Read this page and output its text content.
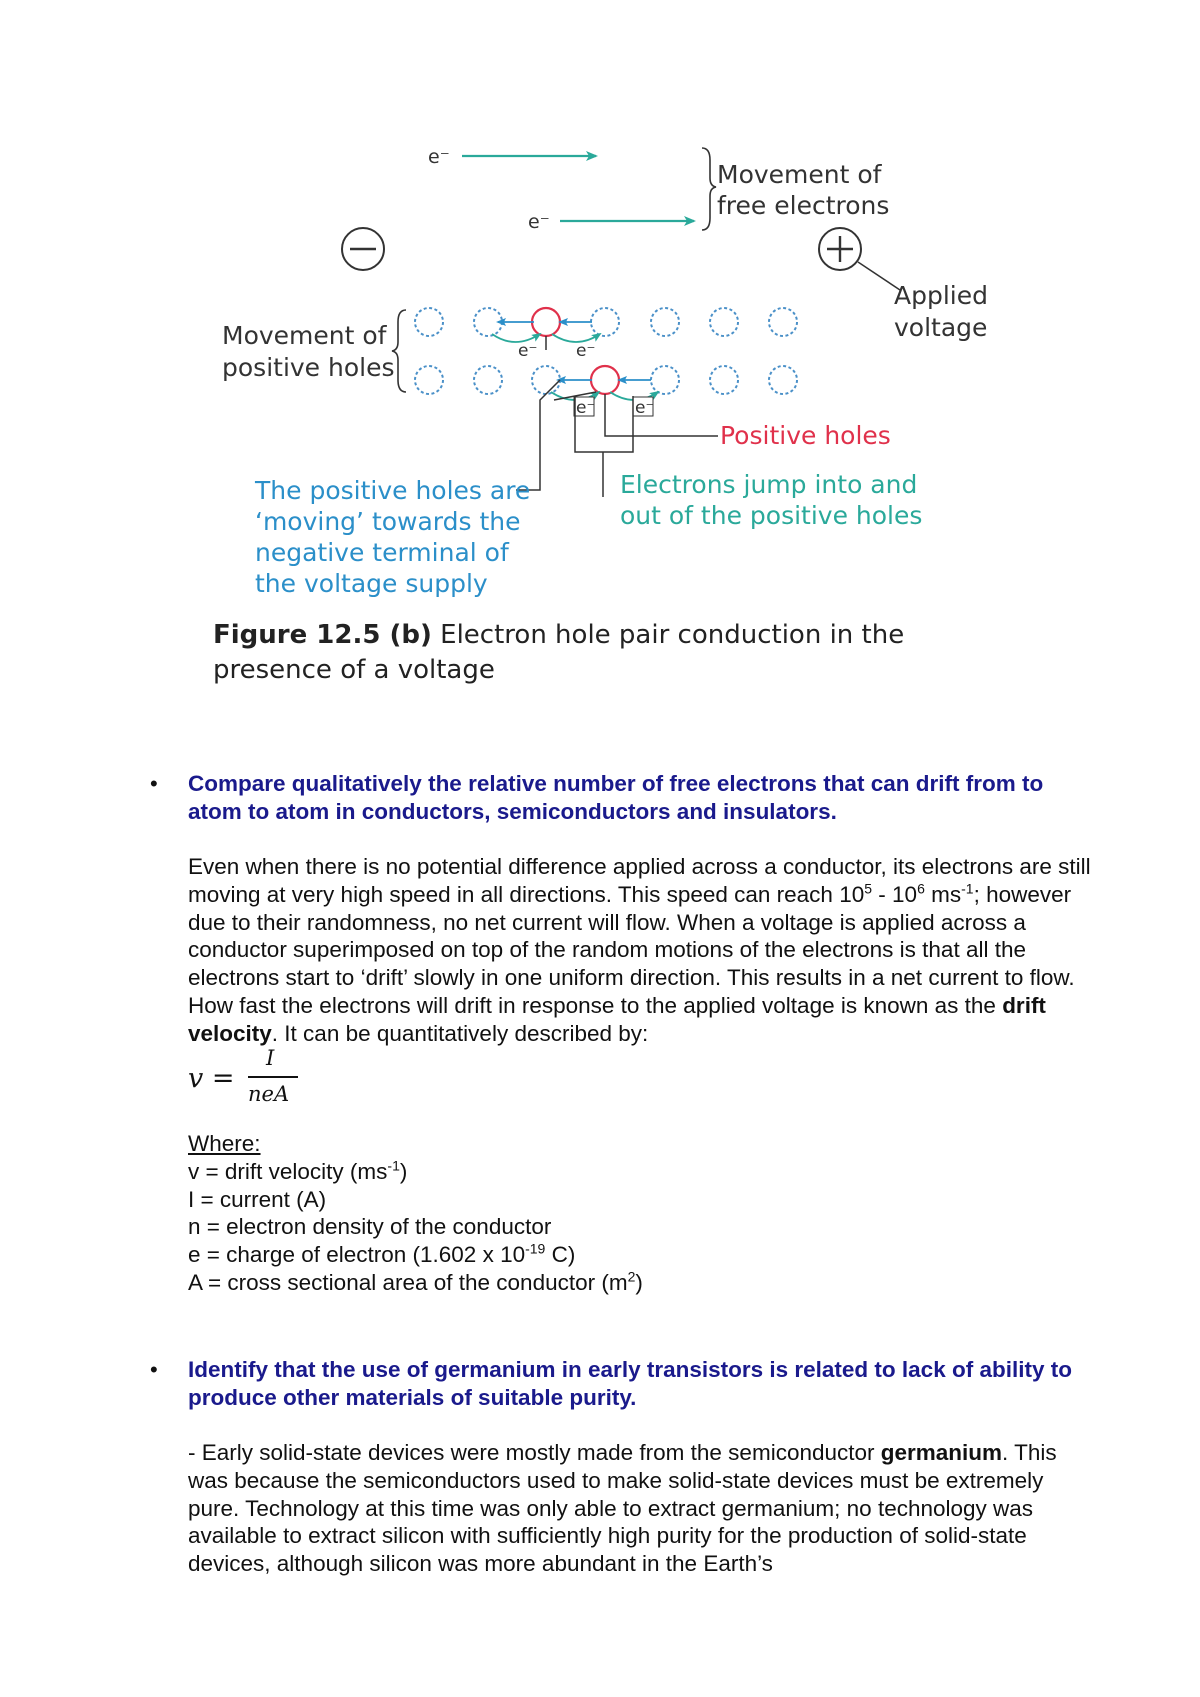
e⁻
e⁻
Movement of
free electrons
Applied
voltage
Movement of
positive holes
e⁻ e⁻
e⁻ e⁻
Positive holes
Electrons jump into and
out of the positive holes
The positive holes are
‘moving’ towards the
negative terminal of
the voltage supply
Figure 12.5 (b) Electron hole pair conduction in the presence of a voltage
• Compare qualitatively the relative number of free electrons that can drift from to atom to atom in conductors, semiconductors and insulators.

Even when there is no potential difference applied across a conductor, its electrons are still moving at very high speed in all directions. This speed can reach $10^5 - 10^6$ $ms^{-1}$; however due to their randomness, no net current will flow. When a voltage is applied across a conductor superimposed on top of the random motions of the electrons is that all the electrons start to ‘drift’ slowly in one uniform direction. This results in a net current to flow. How fast the electrons will drift in response to the applied voltage is known as the drift velocity. It can be quantitatively described by:

v =
I
neA
Where:
v = drift velocity $(ms^{-1})$
I = current (A)
n = electron density of the conductor
e = charge of electron (1.602 x $10^{-19}$ C)
A = cross sectional area of the conductor $(m^2)$
• Identify that the use of germanium in early transistors is related to lack of ability to produce other materials of suitable purity.

- Early solid-state devices were mostly made from the semiconductor germanium. This was because the semiconductors used to make solid-state devices must be extremely pure. Technology at this time was only able to extract germanium; no technology was available to extract silicon with sufficiently high purity for the production of solid-state devices, although silicon was more abundant in the Earth’s
